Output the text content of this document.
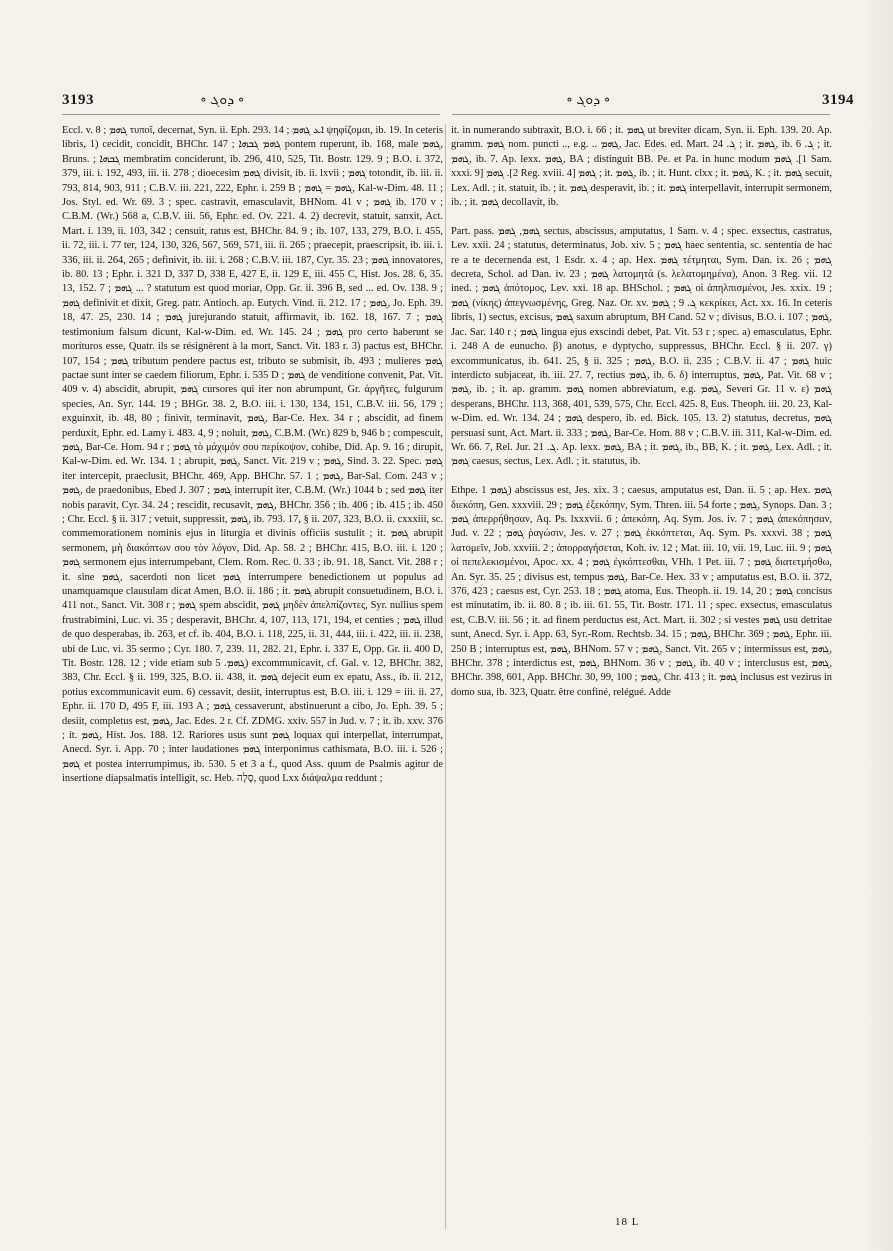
3193	∘ ܕܘܓ ∘	∘ ܕܘܓ ∘	3194

Eccl. v. 8 ; ܓܗܡ τυποῖ, decernat, Syn. ii. Eph. 293. 14 ; ܐܥ ܓܗܡ ψηφίζομαι, ib. 19. In ceteris libris, 1) cecidit, concidit, BHChr. 147 ; ܓܗܡ ܓܒܗܐ pontem ruperunt, ib. 168, male ܓܗܡ, Bruns. ; ܓܒܗܐ membratim conciderunt, ib. 296, 410, 525, Tit. Bostr. 129. 9 ; B.O. i. 372, 379, iii. i. 192, 493, iii. ii. 278 ; dioecesim ܓܗܡ divisit, ib. ii. lxvii ; ܓܗܡ totondit, ib. iii. ii. 793, 814, 903, 911 ; C.B.V. iii. 221, 222, Ephr. i. 259 B ; ܓܗܡ = ܓܗܡ, Kal-w-Dim. 48. 11 ; Jos. Styl. ed. Wr. 69. 3 ; spec. castravit, emasculavit, BHNom. 41 v ; ܓܗܡ ib. 170 v ; C.B.M. (Wr.) 568 a, C.B.V. iii. 56, Ephr. ed. Ov. 221. 4. 2) decrevit, statuit, sanxit, Act. Mart. i. 139, ii. 103, 342 ; censuit, ratus est, BHChr. 84. 9 ; ib. 107, 133, 279, B.O. i. 455, ii. 72, iii. i. 77 ter, 124, 130, 326, 567, 569, 571, iii. ii. 265 ; praecepit, praescripsit, ib. iii. i. 336, iii. ii. 264, 265 ; definivit, ib. iii. i. 268 ; C.B.V. iii. 187, Cyr. 35. 23 ; ܓܗܡ innovatores, ib. 80. 13 ; Ephr. i. 321 D, 337 D, 338 E, 427 E, ii. 129 E, iii. 455 C, Hist. Jos. 28. 6, 35. 13, 152. 7 ; ܓܗܡ ... ? statutum est quod moriar, Opp. Gr. ii. 396 B, sed ... ed. Ov. 138. 9 ; ܓܗܡ definivit et dixit, Greg. patr. Antioch. ap. Eutych. Vind. ii. 212. 17 ; ܓܗܡ, Jo. Eph. 39. 18, 47. 25, 230. 14 ; ܓܗܡ jurejurando statuit, affirmavit, ib. 162. 18, 167. 7 ; ܓܗܡ testimonium falsum dicunt, Kal-w-Dim. ed. Wr. 145. 24 ; ܓܗܡ pro certo haberunt se morituros esse, Quatr. ils se résignèrent à la mort, Sanct. Vit. 183 r. 3) pactus est, BHChr. 107, 154 ; ܓܗܡ tributum pendere pactus est, tributo se submisit, ib. 493 ; mulieres ܓܗܡ pactae sunt inter se caedem filiorum, Ephr. i. 535 D ; ܓܗܡ de venditione convenit, Pat. Vit. 409 v. 4) abscidit, abrupit, ܓܗܡ cursores qui iter non abrumpunt, Gr. ἀργῆτες, fulgurum species, An. Syr. 144. 19 ; BHGr. 38. 2, B.O. iii. i. 130, 134, 151, C.B.V. iii. 56, 179 ; exguinxit, ib. 48, 80 ; finivit, terminavit, ܓܗܡ, Bar-Ce. Hex. 34 r ; abscidit, ad finem perduxit, Ephr. ed. Lamy i. 483. 4, 9 ; noluit, ܓܗܡ, C.B.M. (Wr.) 829 b, 946 b ; compescuit, ܓܗܡ, Bar-Ce. Hom. 94 r ; ܓܗܡ τὸ μάχιμόν σου περίκοψον, cohibe, Did. Ap. 9. 16 ; dirupit, Kal-w-Dim. ed. Wr. 134. 1 ; abrupit, ܓܗܡ, Sanct. Vit. 219 v ; ܓܗܡ, Sind. 3. 22. Spec. ܓܗܡ iter intercepit, praeclusit, BHChr. 469, App. BHChr. 57. 1 ; ܓܗܡ, Bar-Sal. Com. 243 v ; ܓܗܡ, de praedonibus, Ebed J. 307 ; ܓܗܡ interrupit iter, C.B.M. (Wr.) 1044 b ; sed ܓܗܡ iter nobis paravit, Cyr. 34. 24 ; rescidit, recusavit, ܓܗܡ, BHChr. 356 ; ib. 406 ; ib. 415 ; ib. 450 ; Chr. Eccl. § ii. 317 ; vetuit, suppressit, ܓܗܡ, ib. 793. 17, § ii. 207, 323, B.O. ii. cxxxiii, sc. commemorationem nominis ejus in liturgia et divinis officiis sustulit ; it. ܓܗܡ abrupit sermonem, μὴ διακόπτων σου τὸν λόγον, Did. Ap. 58. 2 ; BHChr. 415, B.O. iii. i. 120 ; ܓܗܡ sermonem ejus interrumpebant, Clem. Rom. Rec. 0. 33 ; ib. 91. 18, Sanct. Vit. 288 r ; it. sine ܓܗܡ, sacerdoti non licet ܓܗܡ interrumpere benedictionem ut populus ad unamquamque clausulam dicat Amen, B.O. ii. 186 ; it. ܓܗܡ abrupit consuetudinem, B.O. i. 411 not., Sanct. Vit. 308 r ; ܓܗܡ spem abscidit, ܓܗܡ μηδὲν ἀπελπίζοντες, Syr. nullius spem frustrabimini, Luc. vi. 35 ; desperavit, BHChr. 4, 107, 113, 171, 194, et centies ; ܓܗܡ illud de quo desperabas, ib. 263, et cf. ib. 404, B.O. i. 118, 225, ii. 31, 444, iii. i. 422, iii. ii. 238, ubi de Luc. vi. 35 sermo ; Cyr. 180. 7, 239. 11, 282. 21, Ephr. i. 337 E, Opp. Gr. ii. 400 D, Tit. Bostr. 128. 12 ; vide etiam sub ܓܗܡ. 5) excommunicavit, cf. Gal. v. 12, BHChr. 382, 383, Chr. Eccl. § ii. 199, 325, B.O. ii. 438, it. ܓܗܡ dejecit eum ex epatu, Ass., ib. ii. 212, potius excommunicavit eum. 6) cessavit, desiit, interruptus est, B.O. iii. i. 129 = iii. ii. 27, Ephr. ii. 170 D, 495 F, iii. 193 A ; ܓܗܡ cessaverunt, abstinuerunt a cibo, Jo. Eph. 39. 5 ; desiit, completus est, ܓܗܡ, Jac. Edes. 2 r. Cf. ZDMG. xxiv. 557 in Jud. v. 7 ; it. ib. xxv. 376 ; it. ܓܗܡ, Hist. Jos. 188. 12. Rariores usus sunt ܓܗܡ loquax qui interpellat, interrumpat, Anecd. Syr. i. App. 70 ; inter laudationes ܓܗܡ interponimus cathismata, B.O. iii. i. 526 ; ܓܗܡ et postea interrumpimus, ib. 530. 5 et 3 a f., quod Ass. quum de Psalmis agitur de insertione diapsalmatis intelligit, sc. Heb. סֶלָה, quod Lxx διάψαλμα reddunt ;

it. in numerando subtraxit, B.O. i. 66 ; it. ܓܗܡ ut breviter dicam, Syn. ii. Eph. 139. 20. Ap. gramm. ܓܗܡ nom. puncti .., e.g. .. ܓܗܡ, Jac. Edes. ed. Mart. ܓ. 24 ; it. ܓܗܡ, ib. ܓ. 6 ; it. ܓܗܡ, ib. 7. Ap. lexx. ܓܗܡ, BA ; distinguit BB. Pe. et Pa. in hunc modum ܓܗܡ .[1 Sam. xxxi. 9] ܓܗܡ .[2 Reg. xviii. 4] ܓܗܡ ; it. ܓܗܡ, ib. ; it. Hunt. clxx ; it. ܓܗܡ, K. ; it. ܓܗܡ secuit, Lex. Adl. ; it. statuit, ib. ; it. ܓܗܡ desperavit, ib. ; it. ܓܗܡ interpellavit, interrupit sermonem, ib. ; it. ܓܗܡ decollavit, ib.

Part. pass. ܓܗܡ, ܓܗܡ sectus, abscissus, amputatus, 1 Sam. v. 4 ; spec. exsectus, castratus, Lev. xxii. 24 ; statutus, determinatus, Job. xiv. 5 ; ܓܗܡ haec sententia, sc. sententia de hac re a te decernenda est, 1 Esdr. x. 4 ; ap. Hex. ܓܗܡ τέτμηται, Sym. Dan. ix. 26 ; ܓܗܡ decreta, Schol. ad Dan. iv. 23 ; ܓܗܡ λατομητά (s. λελατομημένα), Anon. 3 Reg. vii. 12 ined. ; ܓܗܡ ἀπότομος, Lev. xxi. 18 ap. BHSchol. ; ܓܗܡ οἱ ἀπηλπισμένοι, Jes. xxix. 19 ; ܓܗܡ (νίκης) ἀπεγνωσμένης, Greg. Naz. Or. xv. ܓ. 9 ; ܓܗܡ κεκρίκει, Act. xx. 16. In ceteris libris, 1) sectus, excisus, ܓܗܡ saxum abruptum, BH Cand. 52 v ; divisus, B.O. i. 107 ; ܓܗܡ, Jac. Sar. 140 r ; ܓܗܡ lingua ejus exscindi debet, Pat. Vit. 53 r ; spec. a) emasculatus, Ephr. i. 248 A de eunucho. β) anotus, e dyptycho, suppressus, BHChr. Eccl. § ii. 207. γ) excommunicatus, ib. 641. 25, § ii. 325 ; ܓܗܡ, B.O. ii. 235 ; C.B.V. ii. 47 ; ܓܗܡ huic interdicto subjaceat, ib. iii. 27. 7, rectius ܓܗܡ, ib. 6. δ) interruptus, ܓܗܡ, Pat. Vit. 68 v ; ܓܗܡ, ib. ; it. ap. gramm. ܓܗܡ nomen abbreviatum, e.g. ܓܗܡ, Severi Gr. 11 v. ε) ܓܗܡ desperans, BHChr. 113, 368, 401, 539, 575, Chr. Eccl. 425. 8, Eus. Theoph. iii. 20. 23, Kal-w-Dim. ed. Wr. 134. 24 ; ܓܗܡ despero, ib. ed. Bick. 105. 13. 2) statutus, decretus, ܓܗܡ persuasi sunt, Act. Mart. ii. 333 ; ܓܗܡ, Bar-Ce. Hom. 88 v ; C.B.V. iii. 311, Kal-w-Dim. ed. Wr. 66. 7, Rel. Jur. ܓ. 21. Ap. lexx. ܓܗܡ, BA ; it. ܓܗܡ, ib., BB, K. ; it. ܓܗܡ, Lex. Adl. ; it. ܓܗܡ caesus, sectus, Lex. Adl. ; it. statutus, ib.

Ethpe. ܓܗܡ 1) abscissus est, Jes. xix. 3 ; caesus, amputatus est, Dan. ii. 5 ; ap. Hex. ܓܗܡ διεκόπη, Gen. xxxviii. 29 ; ܓܗܡ ἐξεκόπην, Sym. Thren. iii. 54 forte ; ܓܗܡ, Synops. Dan. 3 ; ܓܗܡ ἀπερρήθησαν, Aq. Ps. lxxxvii. 6 ; ἀπεκόπη, Aq. Sym. Jos. iv. 7 ; ܓܗܡ ἀπεκόπησαν, Jud. v. 22 ; ܓܗܡ ῥαγώσιν, Jes. v. 27 ; ܓܗܡ ἐκκόπτεται, Aq. Sym. Ps. xxxvi. 38 ; ܓܗܡ λατομεῖν, Job. xxviii. 2 ; ἀπορραγήσεται, Koh. iv. 12 ; Mat. iii. 10, vii. 19, Luc. iii. 9 ; ܓܗܡ οἱ πεπελεκισμένοι, Apoc. xx. 4 ; ܓܗܡ ἐγκόπτεσθαι, VHh. 1 Pet. iii. 7 ; ܓܗܡ διατετμήσθω, An. Syr. 35. 25 ; divisus est, tempus ܓܗܡ, Bar-Ce. Hex. 33 v ; amputatus est, B.O. ii. 372, 376, 423 ; caesus est, Cyr. 253. 18 ; ܓܗܡ atoma, Eus. Theoph. ii. 19. 14, 20 ; ܓܗܡ concisus est minutatim, ib. ii. 80. 8 ; ib. iii. 61. 55, Tit. Bostr. 171. 11 ; spec. exsectus, emasculatus est, C.B.V. iii. 56 ; it. ad finem perductus est, Act. Mart. ii. 302 ; si vestes ܓܗܡ usu detritae sunt, Anecd. Syr. i. App. 63, Syr.-Rom. Rechtsb. 34. 15 ; ܓܗܡ, BHChr. 369 ; ܓܗܡ, Ephr. iii. 250 B ; interruptus est, ܓܗܡ, BHNom. 57 v ; ܓܗܡ, Sanct. Vit. 265 v ; intermissus est, ܓܗܡ, BHChr. 378 ; interdictus est, ܓܗܡ, BHNom. 36 v ; ܓܗܡ, ib. 40 v ; interclusus est, ܓܗܡ, BHChr. 398, 601, App. BHChr. 30, 99, 100 ; ܓܗܡ, Chr. 413 ; it. ܓܗܡ inclusus est vezirus in domo sua, ib. 323, Quatr. être confiné, relégué. Adde

18 L
